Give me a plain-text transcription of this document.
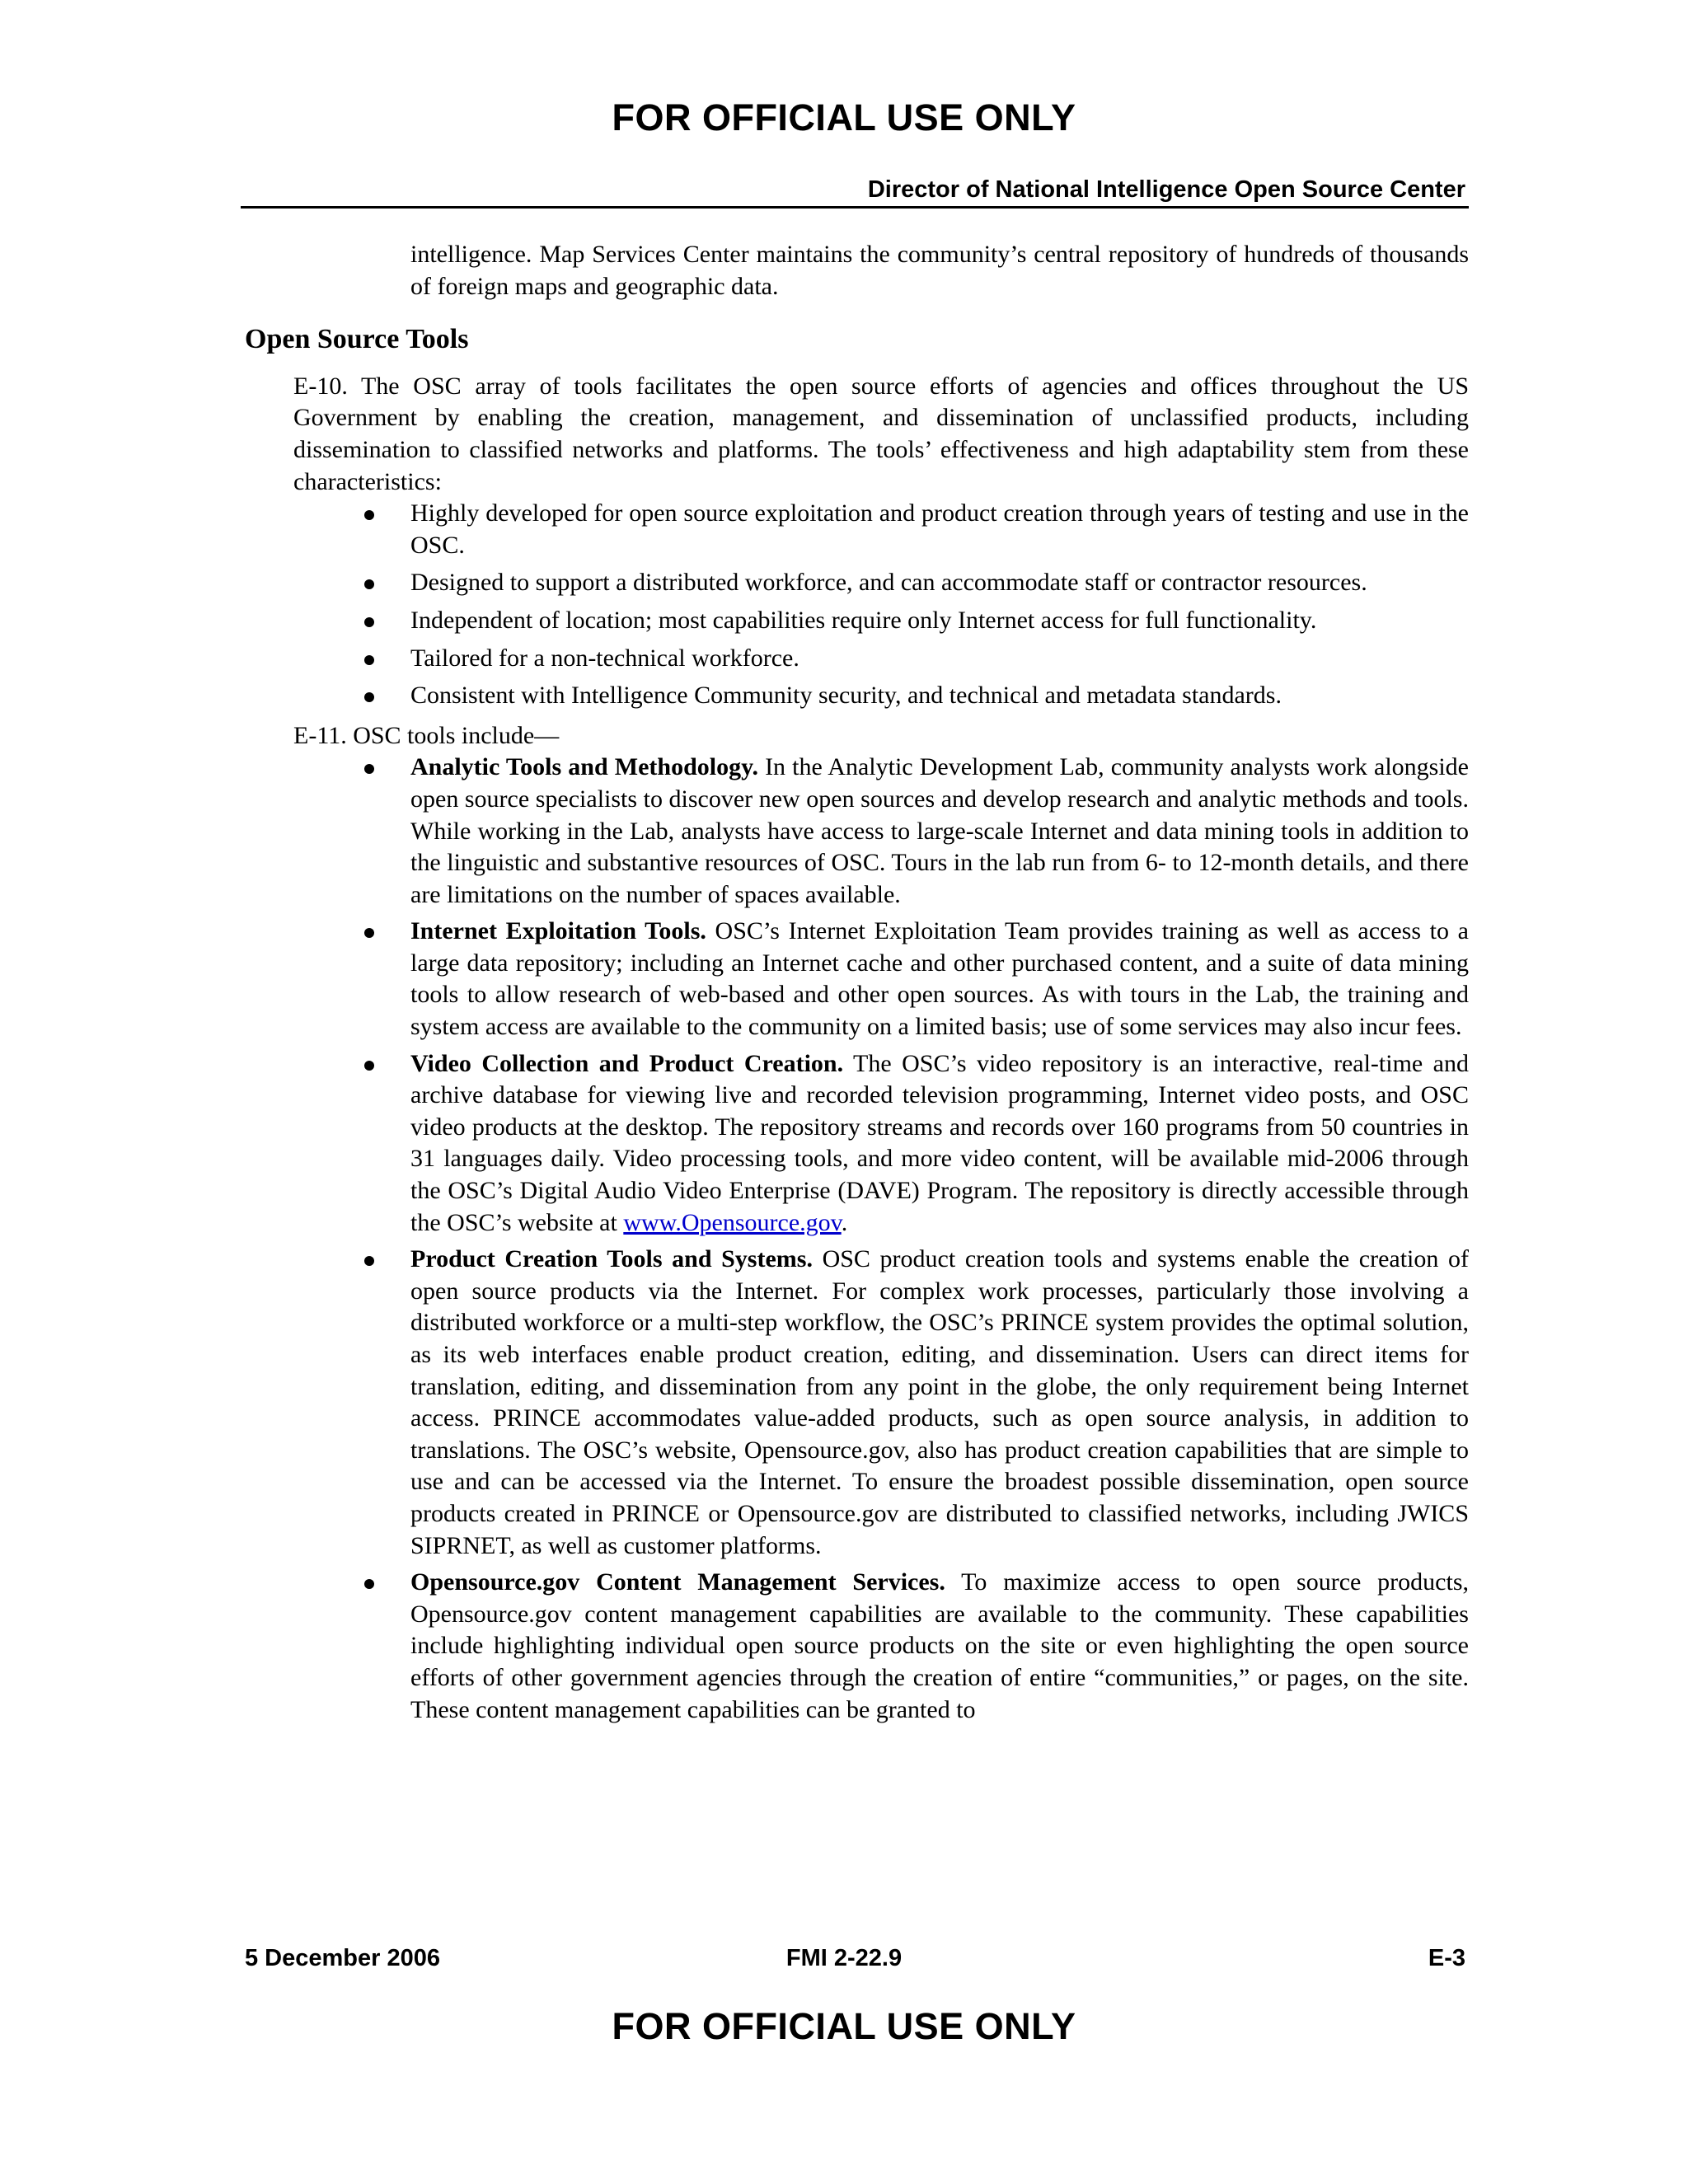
FOR OFFICIAL USE ONLY
Director of National Intelligence Open Source Center

intelligence. Map Services Center maintains the community’s central repository of hundreds of thousands of foreign maps and geographic data.

Open Source Tools

E-10. The OSC array of tools facilitates the open source efforts of agencies and offices throughout the US Government by enabling the creation, management, and dissemination of unclassified products, including dissemination to classified networks and platforms. The tools’ effectiveness and high adaptability stem from these characteristics:

Highly developed for open source exploitation and product creation through years of testing and use in the OSC.
Designed to support a distributed workforce, and can accommodate staff or contractor resources.
Independent of location; most capabilities require only Internet access for full functionality.
Tailored for a non-technical workforce.
Consistent with Intelligence Community security, and technical and metadata standards.

E-11. OSC tools include—

Analytic Tools and Methodology. In the Analytic Development Lab, community analysts work alongside open source specialists to discover new open sources and develop research and analytic methods and tools. While working in the Lab, analysts have access to large-scale Internet and data mining tools in addition to the linguistic and substantive resources of OSC. Tours in the lab run from 6- to 12-month details, and there are limitations on the number of spaces available.
Internet Exploitation Tools. OSC’s Internet Exploitation Team provides training as well as access to a large data repository; including an Internet cache and other purchased content, and a suite of data mining tools to allow research of web-based and other open sources. As with tours in the Lab, the training and system access are available to the community on a limited basis; use of some services may also incur fees.
Video Collection and Product Creation. The OSC’s video repository is an interactive, real-time and archive database for viewing live and recorded television programming, Internet video posts, and OSC video products at the desktop. The repository streams and records over 160 programs from 50 countries in 31 languages daily. Video processing tools, and more video content, will be available mid-2006 through the OSC’s Digital Audio Video Enterprise (DAVE) Program. The repository is directly accessible through the OSC’s website at www.Opensource.gov.
Product Creation Tools and Systems. OSC product creation tools and systems enable the creation of open source products via the Internet. For complex work processes, particularly those involving a distributed workforce or a multi-step workflow, the OSC’s PRINCE system provides the optimal solution, as its web interfaces enable product creation, editing, and dissemination. Users can direct items for translation, editing, and dissemination from any point in the globe, the only requirement being Internet access. PRINCE accommodates value-added products, such as open source analysis, in addition to translations. The OSC’s website, Opensource.gov, also has product creation capabilities that are simple to use and can be accessed via the Internet. To ensure the broadest possible dissemination, open source products created in PRINCE or Opensource.gov are distributed to classified networks, including JWICS SIPRNET, as well as customer platforms.
Opensource.gov Content Management Services. To maximize access to open source products, Opensource.gov content management capabilities are available to the community. These capabilities include highlighting individual open source products on the site or even highlighting the open source efforts of other government agencies through the creation of entire “communities,” or pages, on the site. These content management capabilities can be granted to
5 December 2006	FMI 2-22.9	E-3
FOR OFFICIAL USE ONLY
